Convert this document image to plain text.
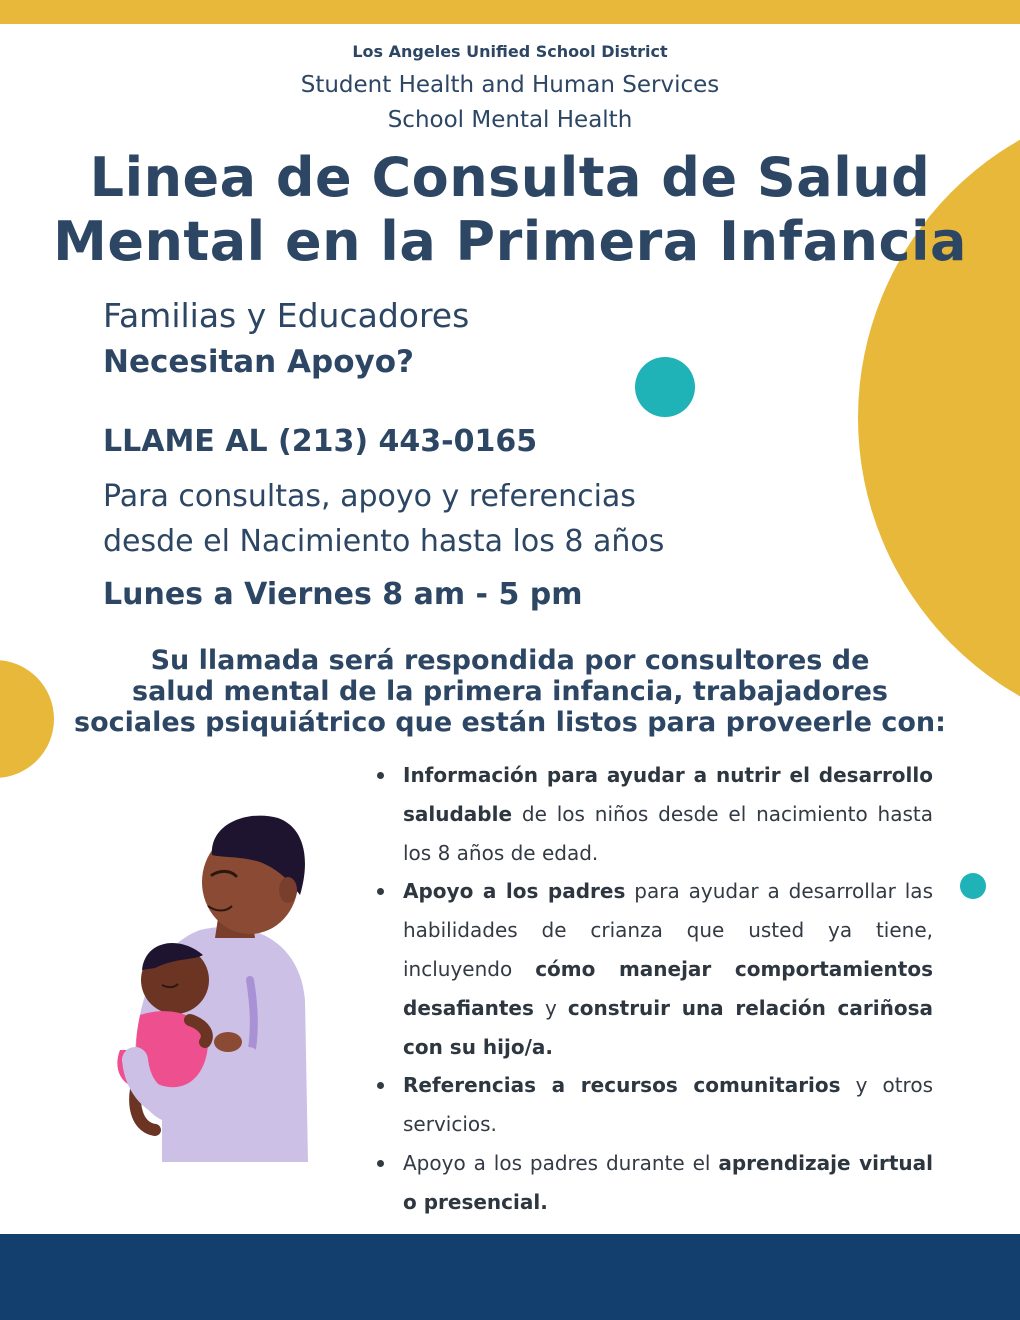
Los Angeles Unified School District
Student Health and Human Services
School Mental Health
Linea de Consulta de Salud
Mental en la Primera Infancia
Familias y Educadores
Necesitan Apoyo?
LLAME AL (213) 443-0165
Para consultas, apoyo y referencias
desde el Nacimiento hasta los 8 años
Lunes a Viernes 8 am - 5 pm
Su llamada será respondida por consultores de
salud mental de la primera infancia, trabajadores
sociales psiquiátrico que están listos para proveerle con:
Información para ayudar a nutrir el desarrollo saludable de los niños desde el nacimiento hasta los 8 años de edad.
Apoyo a los padres para ayudar a desarrollar las habilidades de crianza que usted ya tiene, incluyendo cómo manejar comportamientos desafiantes y construir una relación cariñosa con su hijo/a.
Referencias a recursos comunitarios y otros servicios.
Apoyo a los padres durante el aprendizaje virtual o presencial.
